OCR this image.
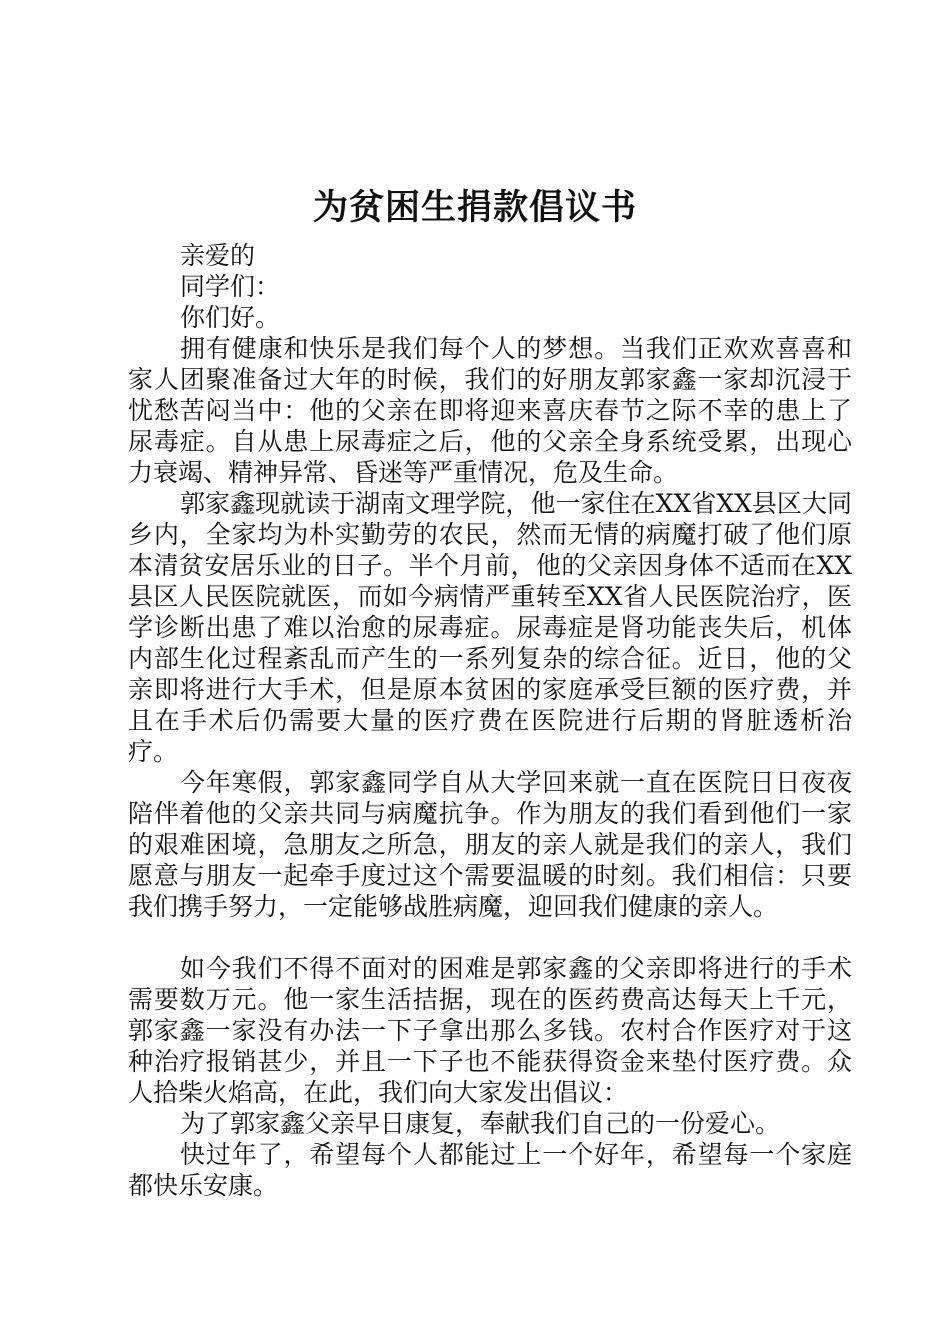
为贫困生捐款倡议书
亲爱的
同学们：
你们好。

拥有健康和快乐是我们每个人的梦想。当我们正欢欢喜喜和家人团聚准备过大年的时候，我们的好朋友郭家鑫一家却沉浸于忧愁苦闷当中：他的父亲在即将迎来喜庆春节之际不幸的患上了尿毒症。自从患上尿毒症之后，他的父亲全身系统受累，出现心力衰竭、精神异常、昏迷等严重情况，危及生命。

郭家鑫现就读于湖南文理学院，他一家住在XX省XX县区大同乡内，全家均为朴实勤劳的农民，然而无情的病魔打破了他们原本清贫安居乐业的日子。半个月前，他的父亲因身体不适而在XX县区人民医院就医，而如今病情严重转至XX省人民医院治疗，医学诊断出患了难以治愈的尿毒症。尿毒症是肾功能丧失后，机体内部生化过程紊乱而产生的一系列复杂的综合征。近日，他的父亲即将进行大手术，但是原本贫困的家庭承受巨额的医疗费，并且在手术后仍需要大量的医疗费在医院进行后期的肾脏透析治疗。

今年寒假，郭家鑫同学自从大学回来就一直在医院日日夜夜陪伴着他的父亲共同与病魔抗争。作为朋友的我们看到他们一家的艰难困境，急朋友之所急，朋友的亲人就是我们的亲人，我们愿意与朋友一起牵手度过这个需要温暖的时刻。我们相信：只要我们携手努力，一定能够战胜病魔，迎回我们健康的亲人。

如今我们不得不面对的困难是郭家鑫的父亲即将进行的手术需要数万元。他一家生活拮据，现在的医药费高达每天上千元，郭家鑫一家没有办法一下子拿出那么多钱。农村合作医疗对于这种治疗报销甚少，并且一下子也不能获得资金来垫付医疗费。众人拾柴火焰高，在此，我们向大家发出倡议：

为了郭家鑫父亲早日康复，奉献我们自己的一份爱心。

快过年了，希望每个人都能过上一个好年，希望每一个家庭都快乐安康。
